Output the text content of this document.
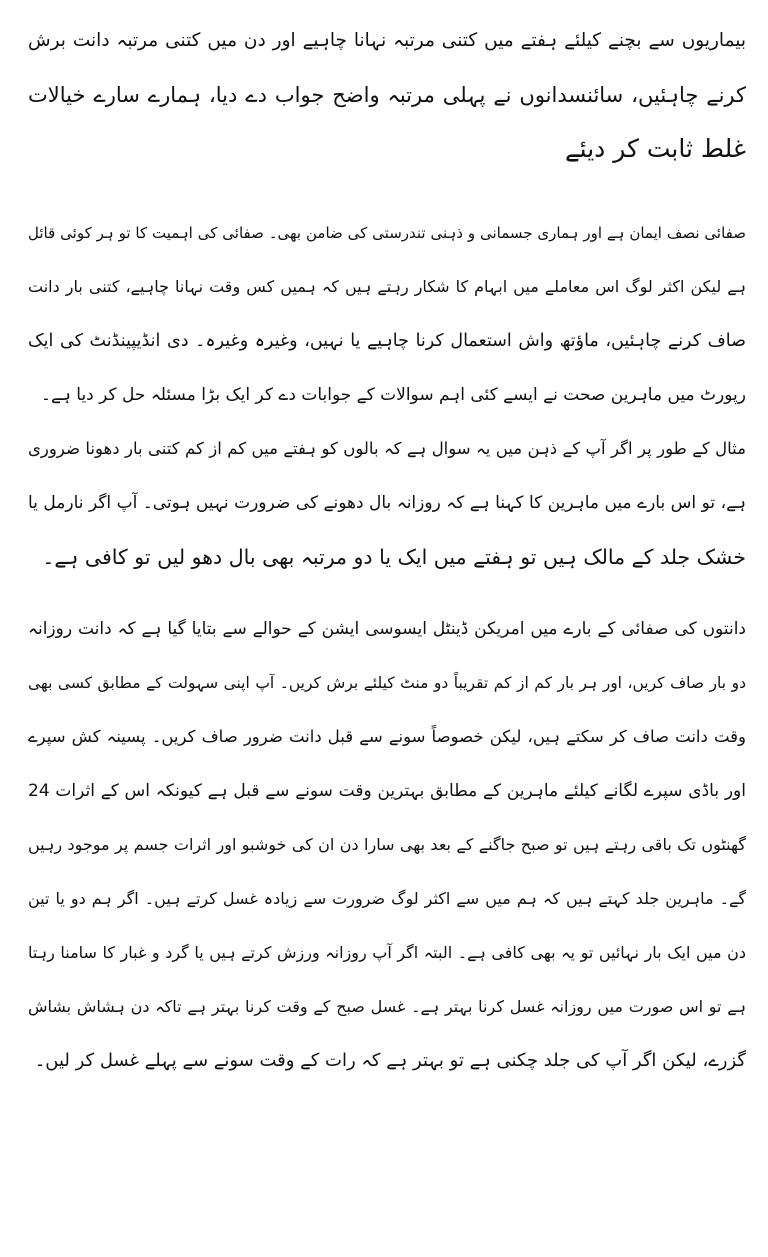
بیماریوں سے بچنے کیلئے ہفتے میں کتنی مرتبہ نہانا چاہیے اور دن میں کتنی مرتبہ دانت برش
کرنے چاہئیں، سائنسدانوں نے پہلی مرتبہ واضح جواب دے دیا، ہمارے سارے خیالات
غلط ثابت کر دیئے
صفائی نصف ایمان ہے اور ہماری جسمانی و ذہنی تندرستی کی ضامن بھی۔ صفائی کی اہمیت کا تو ہر کوئی قائل
ہے لیکن اکثر لوگ اس معاملے میں ابہام کا شکار رہتے ہیں کہ ہمیں کس وقت نہانا چاہیے، کتنی بار دانت
صاف کرنے چاہئیں، ماؤتھ واش استعمال کرنا چاہیے یا نہیں، وغیرہ وغیرہ۔ دی انڈیپینڈنٹ کی ایک
رپورٹ میں ماہرین صحت نے ایسے کئی اہم سوالات کے جوابات دے کر ایک بڑا مسئلہ حل کر دیا ہے۔
مثال کے طور پر اگر آپ کے ذہن میں یہ سوال ہے کہ بالوں کو ہفتے میں کم از کم کتنی بار دھونا ضروری
ہے، تو اس بارے میں ماہرین کا کہنا ہے کہ روزانہ بال دھونے کی ضرورت نہیں ہوتی۔ آپ اگر نارمل یا
خشک جلد کے مالک ہیں تو ہفتے میں ایک یا دو مرتبہ بھی بال دھو لیں تو کافی ہے۔
دانتوں کی صفائی کے بارے میں امریکن ڈینٹل ایسوسی ایشن کے حوالے سے بتایا گیا ہے کہ دانت روزانہ
دو بار صاف کریں، اور ہر بار کم از کم تقریباً دو منٹ کیلئے برش کریں۔ آپ اپنی سہولت کے مطابق کسی بھی
وقت دانت صاف کر سکتے ہیں، لیکن خصوصاً سونے سے قبل دانت ضرور صاف کریں۔ پسینہ کش سپرے
اور باڈی سپرے لگانے کیلئے ماہرین کے مطابق بہترین وقت سونے سے قبل ہے کیونکہ اس کے اثرات 24
گھنٹوں تک باقی رہتے ہیں تو صبح جاگنے کے بعد بھی سارا دن ان کی خوشبو اور اثرات جسم پر موجود رہیں
گے۔ ماہرین جلد کہتے ہیں کہ ہم میں سے اکثر لوگ ضرورت سے زیادہ غسل کرتے ہیں۔ اگر ہم دو یا تین
دن میں ایک بار نہائیں تو یہ بھی کافی ہے۔ البتہ اگر آپ روزانہ ورزش کرتے ہیں یا گرد و غبار کا سامنا رہتا
ہے تو اس صورت میں روزانہ غسل کرنا بہتر ہے۔ غسل صبح کے وقت کرنا بہتر ہے تاکہ دن ہشاش بشاش
گزرے، لیکن اگر آپ کی جلد چکنی ہے تو بہتر ہے کہ رات کے وقت سونے سے پہلے غسل کر لیں۔
